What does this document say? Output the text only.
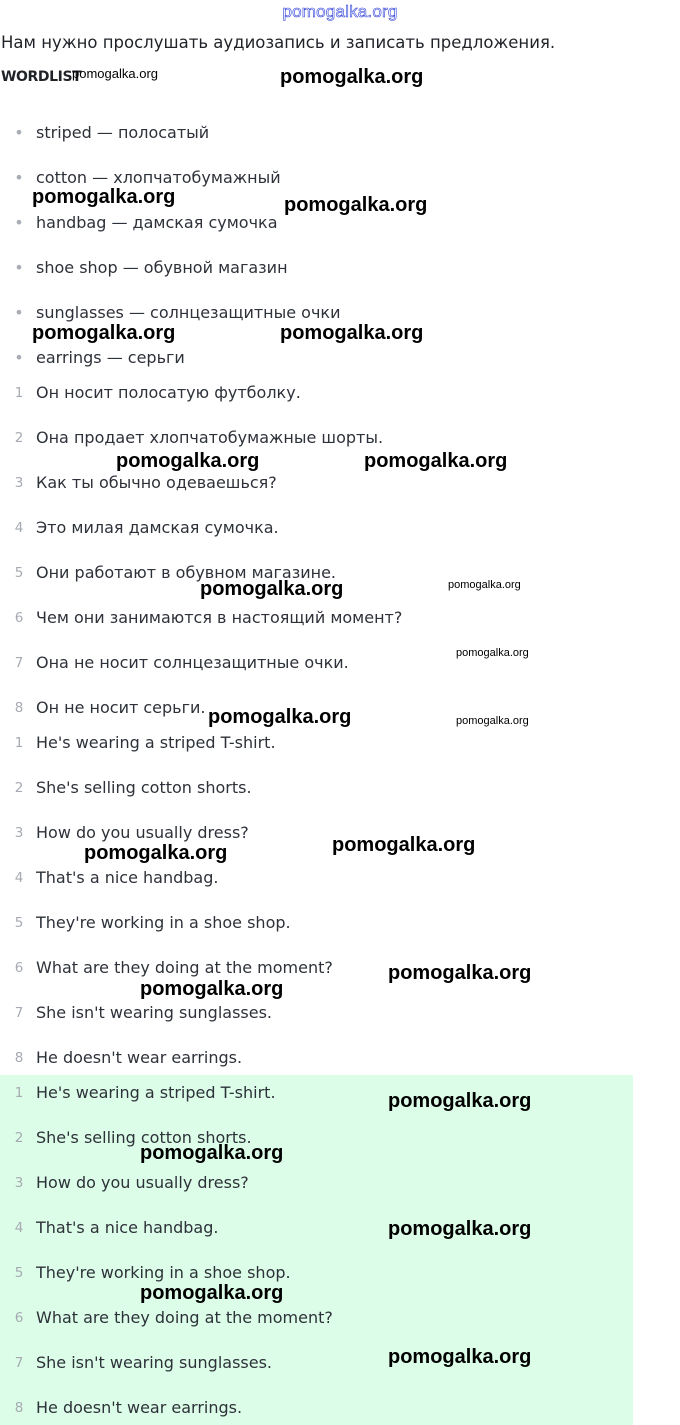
pomogalka.org
Нам нужно прослушать аудиозапись и записать предложения.
WORDLIST
• striped — полосатый
• cotton — хлопчатобумажный
• handbag — дамская сумочка
• shoe shop — обувной магазин
• sunglasses — солнцезащитные очки
• earrings — серьги
1 Он носит полосатую футболку.
2 Она продает хлопчатобумажные шорты.
3 Как ты обычно одеваешься?
4 Это милая дамская сумочка.
5 Они работают в обувном магазине.
6 Чем они занимаются в настоящий момент?
7 Она не носит солнцезащитные очки.
8 Он не носит серьги.
1 He's wearing a striped T-shirt.
2 She's selling cotton shorts.
3 How do you usually dress?
4 That's a nice handbag.
5 They're working in a shoe shop.
6 What are they doing at the moment?
7 She isn't wearing sunglasses.
8 He doesn't wear earrings.
1 He's wearing a striped T-shirt.
2 She's selling cotton shorts.
3 How do you usually dress?
4 That's a nice handbag.
5 They're working in a shoe shop.
6 What are they doing at the moment?
7 She isn't wearing sunglasses.
8 He doesn't wear earrings.
pomogalka.org	pomogalka.org
pomogalka.org	pomogalka.org
pomogalka.org	pomogalka.org
pomogalka.org	pomogalka.org
pomogalka.org	pomogalka.org
pomogalka.org
pomogalka.org	pomogalka.org
pomogalka.org
pomogalka.org
pomogalka.org
pomogalka.org
pomogalka.org
pomogalka.org
pomogalka.org
pomogalka.org
pomogalka.org
